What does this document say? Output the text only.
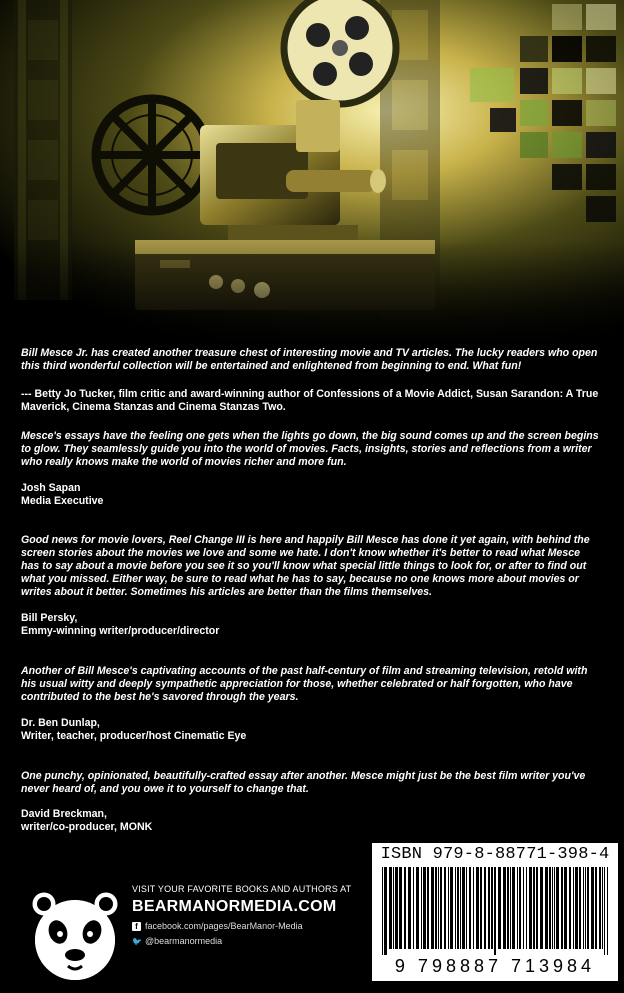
Bill Mesce Jr. has created another treasure chest of interesting movie and TV articles. The lucky readers who open this third wonderful collection will be entertained and enlightened from beginning to end. What fun!
--- Betty Jo Tucker, film critic and award-winning author of Confessions of a Movie Addict, Susan Sarandon: A True Maverick, Cinema Stanzas and Cinema Stanzas Two.
Mesce's essays have the feeling one gets when the lights go down, the big sound comes up and the screen begins to glow. They seamlessly guide you into the world of movies. Facts, insights, stories and reflections from a writer who really knows make the world of movies richer and more fun.
Josh Sapan
Media Executive
Good news for movie lovers, Reel Change III is here and happily Bill Mesce has done it yet again, with behind the screen stories about the movies we love and some we hate. I don't know whether it's better to read what Mesce has to say about a movie before you see it so you'll know what special little things to look for, or after to find out what you missed. Either way, be sure to read what he has to say, because no one knows more about movies or writes about it better. Sometimes his articles are better than the films themselves.
Bill Persky,
Emmy-winning writer/producer/director
Another of Bill Mesce's captivating accounts of the past half-century of film and streaming television, retold with his usual witty and deeply sympathetic appreciation for those, whether celebrated or half forgotten, who have contributed to the best he's savored through the years.
Dr. Ben Dunlap,
Writer, teacher, producer/host Cinematic Eye
One punchy, opinionated, beautifully-crafted essay after another. Mesce might just be the best film writer you've never heard of, and you owe it to yourself to change that.
David Breckman,
writer/co-producer, MONK
VISIT YOUR FAVORITE BOOKS AND AUTHORS AT
BEARMANORMEDIA.COM
f facebook.com/pages/BearManor-Media
🐦 @bearmanormedia
ISBN 979-8-88771-398-4
9 798887 713984
